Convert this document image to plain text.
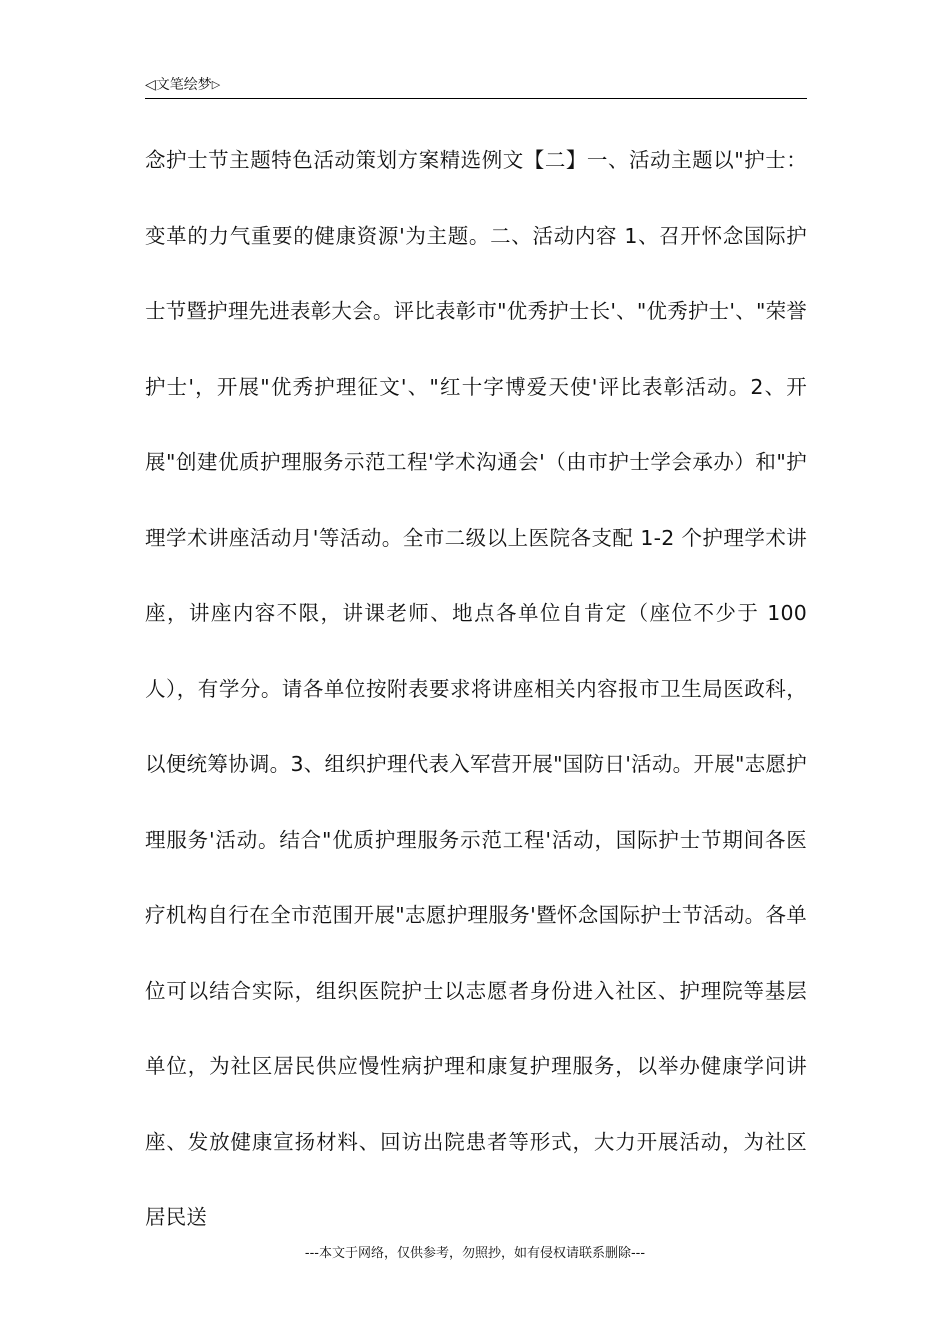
◁文笔绘梦▷

念护士节主题特色活动策划方案精选例文【二】一、活动主题以"护士：变革的力气重要的健康资源'为主题。二、活动内容 1、召开怀念国际护士节暨护理先进表彰大会。评比表彰市"优秀护士长'、"优秀护士'、"荣誉护士'，开展"优秀护理征文'、"红十字博爱天使'评比表彰活动。2、开展"创建优质护理服务示范工程'学术沟通会'（由市护士学会承办）和"护理学术讲座活动月'等活动。全市二级以上医院各支配 1-2 个护理学术讲座，讲座内容不限，讲课老师、地点各单位自肯定（座位不少于 100 人），有学分。请各单位按附表要求将讲座相关内容报市卫生局医政科，以便统筹协调。3、组织护理代表入军营开展"国防日'活动。开展"志愿护理服务'活动。结合"优质护理服务示范工程'活动，国际护士节期间各医疗机构自行在全市范围开展"志愿护理服务'暨怀念国际护士节活动。各单位可以结合实际，组织医院护士以志愿者身份进入社区、护理院等基层单位，为社区居民供应慢性病护理和康复护理服务，以举办健康学问讲座、发放健康宣扬材料、回访出院患者等形式，大力开展活动，为社区居民送

---本文于网络，仅供参考，勿照抄，如有侵权请联系删除---
